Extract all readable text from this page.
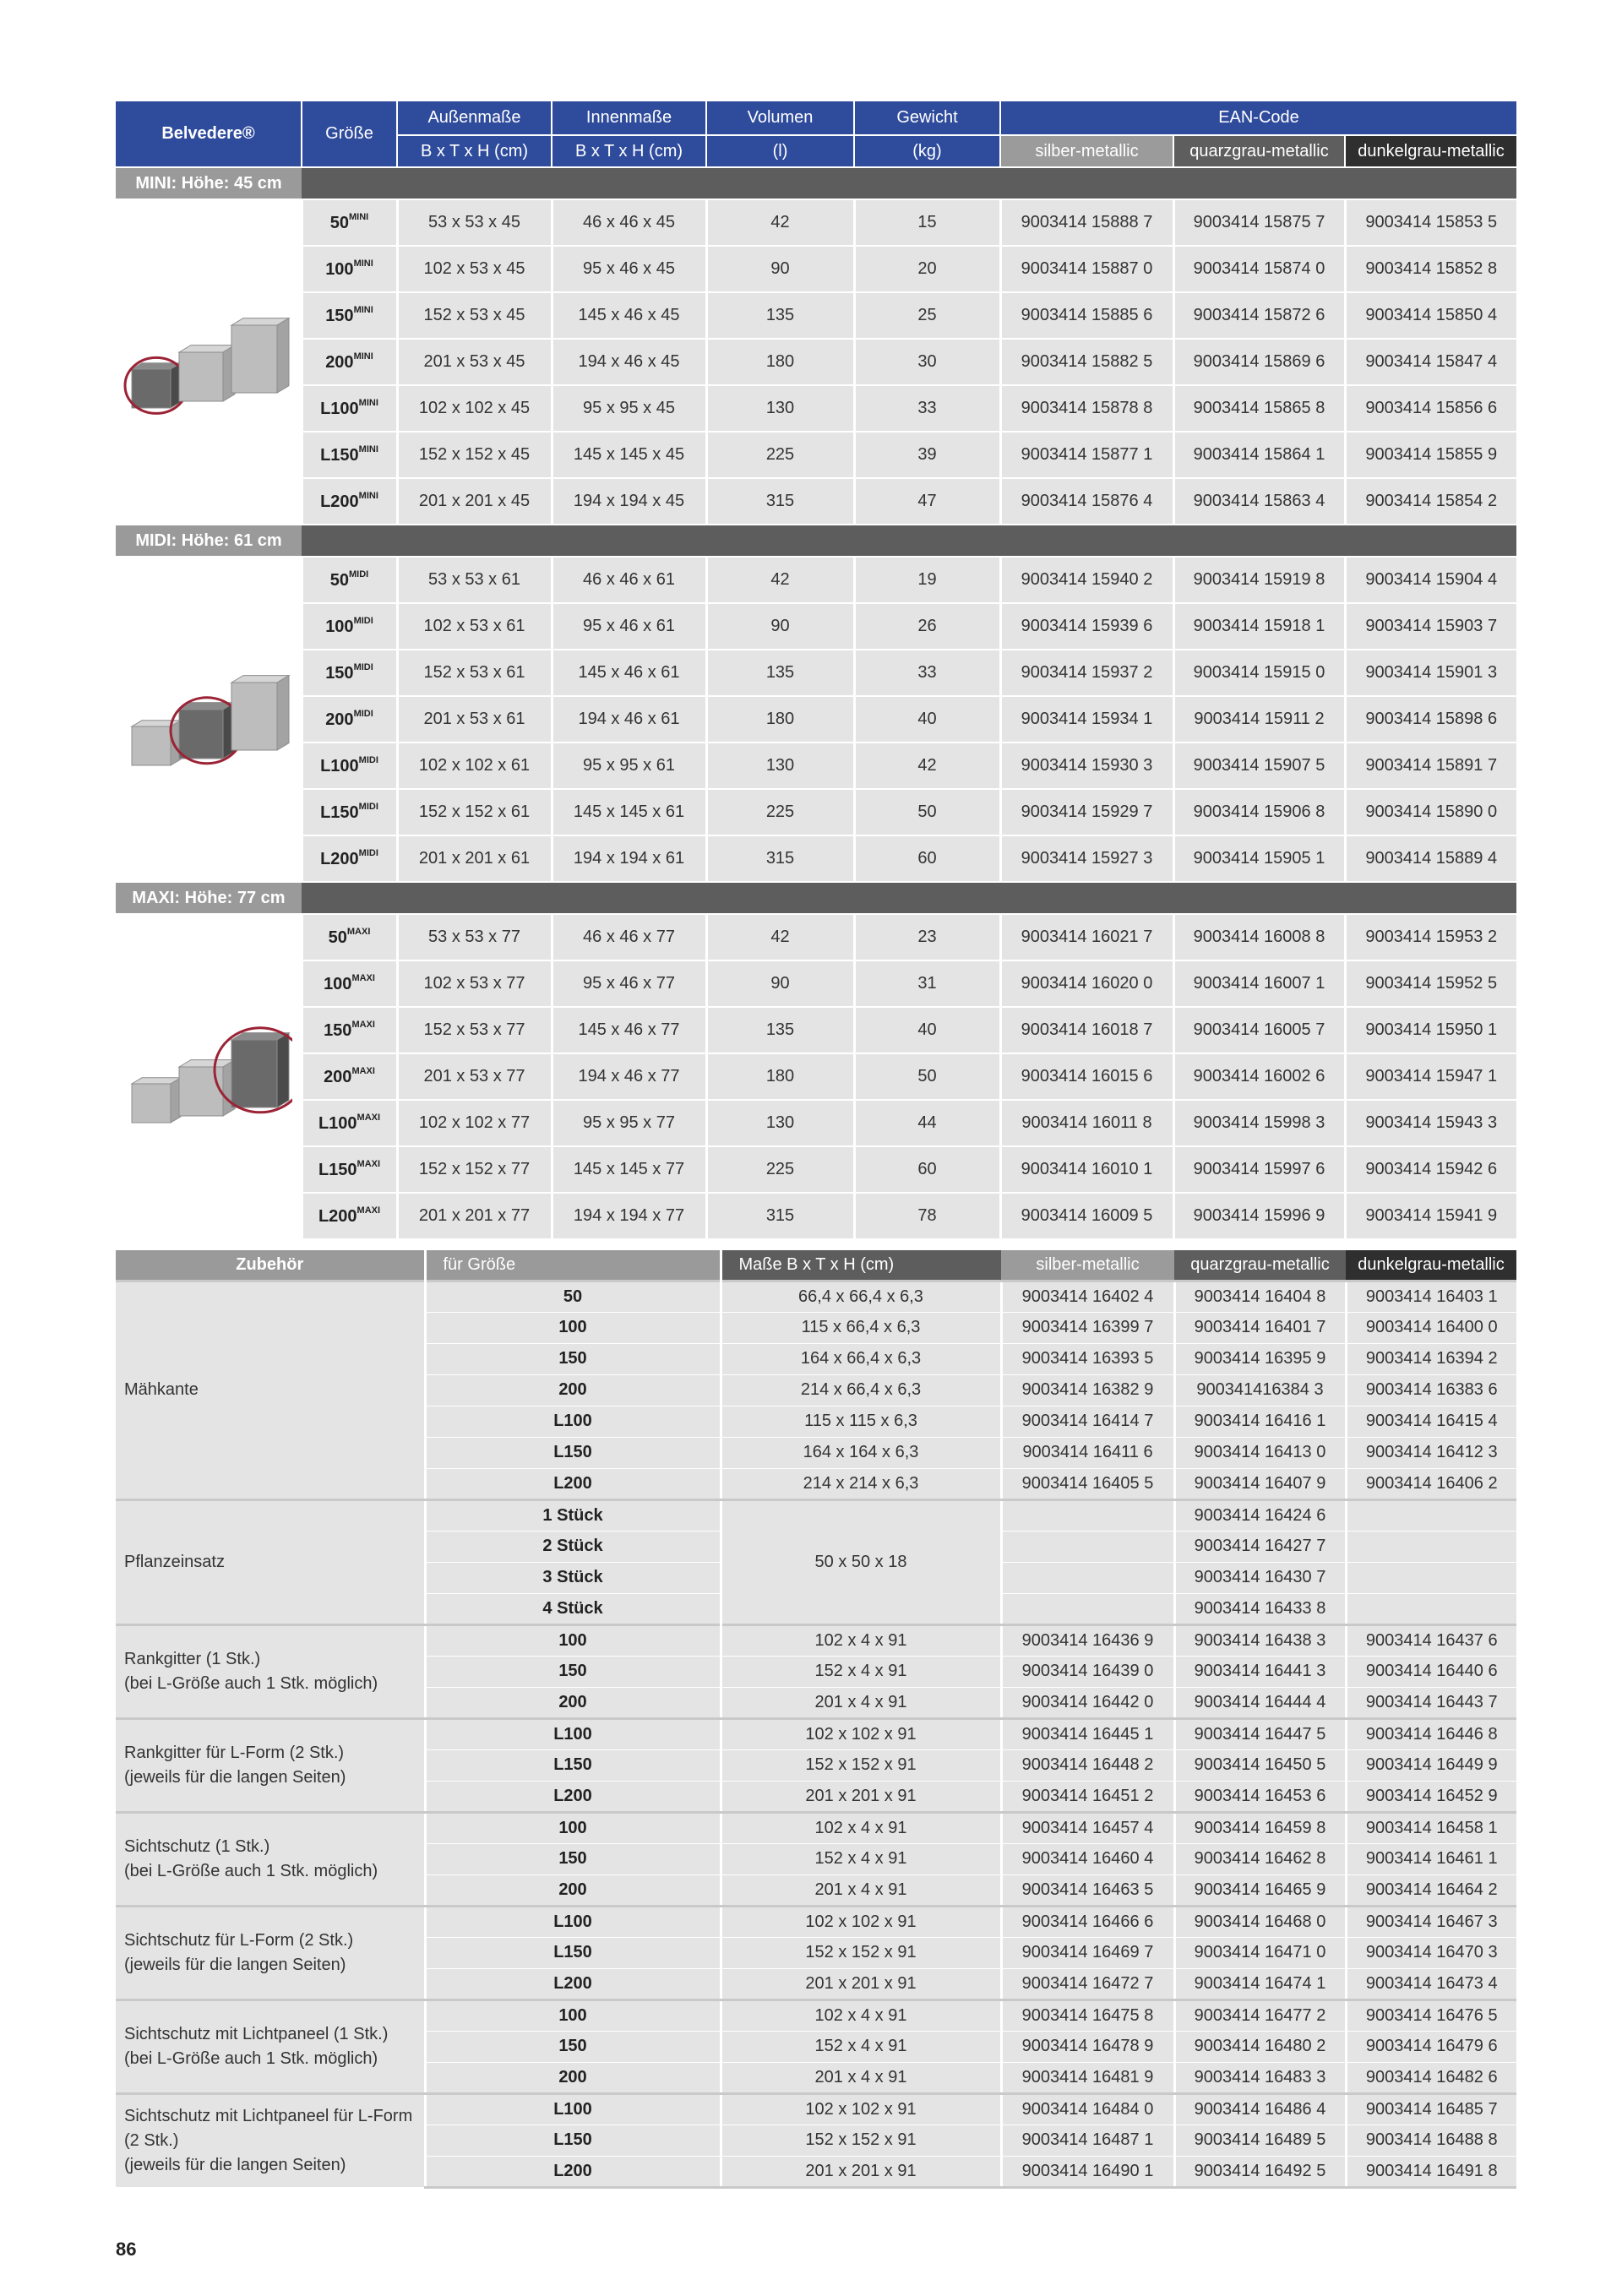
Belvedere®	Größe	Außenmaße	Innenmaße	Volumen	Gewicht	EAN-Code		
		B x T x H (cm)	B x T x H (cm)	(l)	(kg)	silber-metallic	quarzgrau-metallic	dunkelgrau-metallic
MINI: Höhe: 45 cm								

	$50^{MINI}$	53 x 53 x 45	46 x 46 x 45	42	15	9003414 15888 7	9003414 15875 7	9003414 15853 5
	$100^{MINI}$	102 x 53 x 45	95 x 46 x 45	90	20	9003414 15887 0	9003414 15874 0	9003414 15852 8
	$150^{MINI}$	152 x 53 x 45	145 x 46 x 45	135	25	9003414 15885 6	9003414 15872 6	9003414 15850 4
	$200^{MINI}$	201 x 53 x 45	194 x 46 x 45	180	30	9003414 15882 5	9003414 15869 6	9003414 15847 4
	$L100^{MINI}$	102 x 102 x 45	95 x 95 x 45	130	33	9003414 15878 8	9003414 15865 8	9003414 15856 6
	$L150^{MINI}$	152 x 152 x 45	145 x 145 x 45	225	39	9003414 15877 1	9003414 15864 1	9003414 15855 9
	$L200^{MINI}$	201 x 201 x 45	194 x 194 x 45	315	47	9003414 15876 4	9003414 15863 4	9003414 15854 2
MIDI: Höhe: 61 cm								

	$50^{MIDI}$	53 x 53 x 61	46 x 46 x 61	42	19	9003414 15940 2	9003414 15919 8	9003414 15904 4
	$100^{MIDI}$	102 x 53 x 61	95 x 46 x 61	90	26	9003414 15939 6	9003414 15918 1	9003414 15903 7
	$150^{MIDI}$	152 x 53 x 61	145 x 46 x 61	135	33	9003414 15937 2	9003414 15915 0	9003414 15901 3
	$200^{MIDI}$	201 x 53 x 61	194 x 46 x 61	180	40	9003414 15934 1	9003414 15911 2	9003414 15898 6
	$L100^{MIDI}$	102 x 102 x 61	95 x 95 x 61	130	42	9003414 15930 3	9003414 15907 5	9003414 15891 7
	$L150^{MIDI}$	152 x 152 x 61	145 x 145 x 61	225	50	9003414 15929 7	9003414 15906 8	9003414 15890 0
	$L200^{MIDI}$	201 x 201 x 61	194 x 194 x 61	315	60	9003414 15927 3	9003414 15905 1	9003414 15889 4
MAXI: Höhe: 77 cm								

	$50^{MAXI}$	53 x 53 x 77	46 x 46 x 77	42	23	9003414 16021 7	9003414 16008 8	9003414 15953 2
	$100^{MAXI}$	102 x 53 x 77	95 x 46 x 77	90	31	9003414 16020 0	9003414 16007 1	9003414 15952 5
	$150^{MAXI}$	152 x 53 x 77	145 x 46 x 77	135	40	9003414 16018 7	9003414 16005 7	9003414 15950 1
	$200^{MAXI}$	201 x 53 x 77	194 x 46 x 77	180	50	9003414 16015 6	9003414 16002 6	9003414 15947 1
	$L100^{MAXI}$	102 x 102 x 77	95 x 95 x 77	130	44	9003414 16011 8	9003414 15998 3	9003414 15943 3
	$L150^{MAXI}$	152 x 152 x 77	145 x 145 x 77	225	60	9003414 16010 1	9003414 15997 6	9003414 15942 6
	$L200^{MAXI}$	201 x 201 x 77	194 x 194 x 77	315	78	9003414 16009 5	9003414 15996 9	9003414 15941 9
Zubehör	für Größe	Maße B x T x H (cm)	silber-metallic	quarzgrau-metallic	dunkelgrau-metallic

Mähkante	50	66,4 x 66,4 x 6,3	9003414 16402 4	9003414 16404 8	9003414 16403 1
	100	115 x 66,4 x 6,3	9003414 16399 7	9003414 16401 7	9003414 16400 0
	150	164 x 66,4 x 6,3	9003414 16393 5	9003414 16395 9	9003414 16394 2
	200	214 x 66,4 x 6,3	9003414 16382 9	900341416384 3	9003414 16383 6
	L100	115 x 115 x 6,3	9003414 16414 7	9003414 16416 1	9003414 16415 4
	L150	164 x 164 x 6,3	9003414 16411 6	9003414 16413 0	9003414 16412 3
	L200	214 x 214 x 6,3	9003414 16405 5	9003414 16407 9	9003414 16406 2

Pflanzeinsatz	1 Stück	50 x 50 x 18		9003414 16424 6	
	2 Stück			9003414 16427 7	
	3 Stück			9003414 16430 7	
	4 Stück			9003414 16433 8	

Rankgitter (1 Stk.)
(bei L-Größe auch 1 Stk. möglich)	100	102 x 4 x 91	9003414 16436 9	9003414 16438 3	9003414 16437 6
	150	152 x 4 x 91	9003414 16439 0	9003414 16441 3	9003414 16440 6
	200	201 x 4 x 91	9003414 16442 0	9003414 16444 4	9003414 16443 7

Rankgitter für L-Form (2 Stk.)
(jeweils für die langen Seiten)	L100	102 x 102 x 91	9003414 16445 1	9003414 16447 5	9003414 16446 8
	L150	152 x 152 x 91	9003414 16448 2	9003414 16450 5	9003414 16449 9
	L200	201 x 201 x 91	9003414 16451 2	9003414 16453 6	9003414 16452 9

Sichtschutz (1 Stk.)
(bei L-Größe auch 1 Stk. möglich)	100	102 x 4 x 91	9003414 16457 4	9003414 16459 8	9003414 16458 1
	150	152 x 4 x 91	9003414 16460 4	9003414 16462 8	9003414 16461 1
	200	201 x 4 x 91	9003414 16463 5	9003414 16465 9	9003414 16464 2

Sichtschutz für L-Form (2 Stk.)
(jeweils für die langen Seiten)	L100	102 x 102 x 91	9003414 16466 6	9003414 16468 0	9003414 16467 3
	L150	152 x 152 x 91	9003414 16469 7	9003414 16471 0	9003414 16470 3
	L200	201 x 201 x 91	9003414 16472 7	9003414 16474 1	9003414 16473 4

Sichtschutz mit Lichtpaneel (1 Stk.)
(bei L-Größe auch 1 Stk. möglich)	100	102 x 4 x 91	9003414 16475 8	9003414 16477 2	9003414 16476 5
	150	152 x 4 x 91	9003414 16478 9	9003414 16480 2	9003414 16479 6
	200	201 x 4 x 91	9003414 16481 9	9003414 16483 3	9003414 16482 6

Sichtschutz mit Lichtpaneel für L-Form
(2 Stk.)
(jeweils für die langen Seiten)	L100	102 x 102 x 91	9003414 16484 0	9003414 16486 4	9003414 16485 7
	L150	152 x 152 x 91	9003414 16487 1	9003414 16489 5	9003414 16488 8
	L200	201 x 201 x 91	9003414 16490 1	9003414 16492 5	9003414 16491 8
86
